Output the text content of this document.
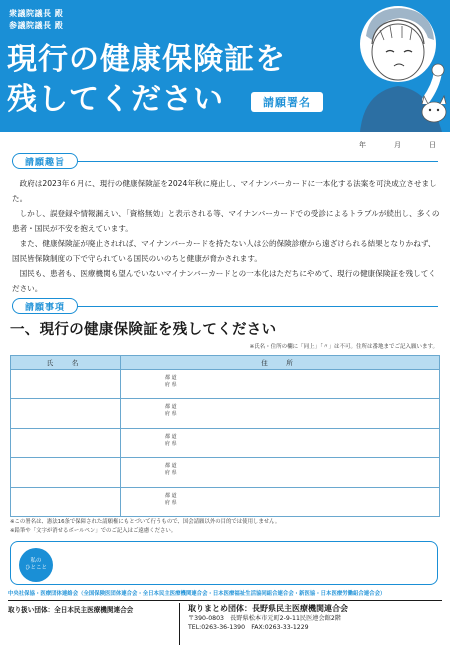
衆議院議長 殿
参議院議長 殿
現行の健康保険証を
残してください	請願署名
年	月	日
請願趣旨

政府は2023年６月に、現行の健康保険証を2024年秋に廃止し、マイナンバーカードに一本化する法案を可決成立させました。

しかし、誤登録や情報漏えい、「資格無効」と表示される等、マイナンバーカードでの受診によるトラブルが続出し、多くの患者・国民が不安を抱えています。

また、健康保険証が廃止されれば、マイナンバーカードを持たない人は公的保険診療から遠ざけられる結果となりかねず、国民皆保険制度の下で守られている国民のいのちと健康が脅かされます。

国民も、患者も、医療機関も望んでいないマイナンバーカードとの一本化はただちにやめて、現行の健康保険証を残してください。

請願事項
一、現行の健康保険証を残してください
※氏名・住所の欄に「同上」「〃」は不可。住所は番地までご記入願います。
氏　名	住　所

	都 道
府 県

	都 道
府 県

	都 道
府 県

	都 道
府 県

	都 道
府 県
※この署名は、憲法16条で保障された請願権にもとづいて行うもので、国会請願以外の目的では使用しません。
※鉛筆や「文字が消せるボールペン」でのご記入はご遠慮ください。
私の
ひとこと
中央社保協・医療団体連絡会（全国保険医団体連合会・全日本民主医療機関連合会・日本医療福祉生活協同組合連合会・新医協・日本医療労働組合連合会）
取り扱い団体：全日本民主医療機関連合会	取りまとめ団体：長野県民主医療機関連合会
〒390-0803　長野県松本市元町2-9-11民医連会館2階
TEL:0263-36-1390　FAX:0263-33-1229
